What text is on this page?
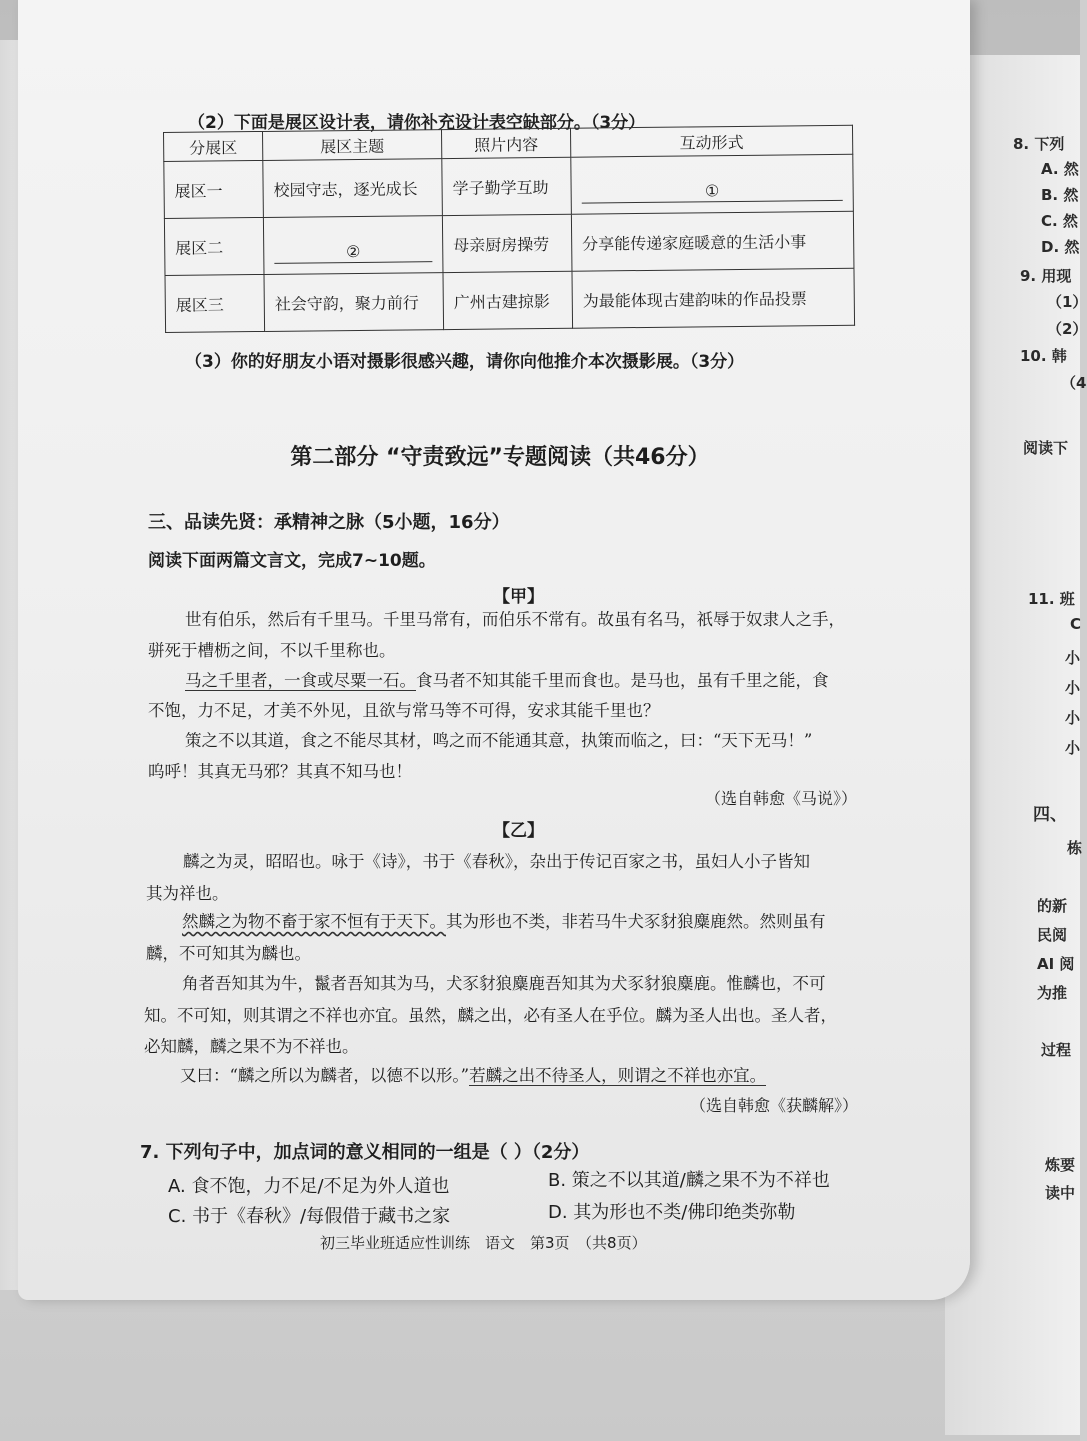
8. 下列
A. 然
B. 然
C. 然
D. 然
9. 用现
（1）
（2）
10. 韩
（4
阅读下
11. 班
C
小
小
小
小
四、
栋
的新
民阅
AI 阅
为推
过程
炼要
读中
（2）下面是展区设计表，请你补充设计表空缺部分。（3分）
分展区	展区主题	照片内容	互动形式
展区一	校园守志，逐光成长	学子勤学互助	①

展区二	②	母亲厨房操劳	分享能传递家庭暖意的生活小事
展区三	社会守韵，聚力前行	广州古建掠影	为最能体现古建韵味的作品投票
（3）你的好朋友小语对摄影很感兴趣，请你向他推介本次摄影展。（3分）
第二部分 “守责致远”专题阅读（共46分）
三、品读先贤：承精神之脉（5小题，16分）
阅读下面两篇文言文，完成7~10题。
【甲】
世有伯乐，然后有千里马。千里马常有，而伯乐不常有。故虽有名马，祇辱于奴隶人之手，
骈死于槽枥之间，不以千里称也。
马之千里者，一食或尽粟一石。食马者不知其能千里而食也。是马也，虽有千里之能，食
不饱，力不足，才美不外见，且欲与常马等不可得，安求其能千里也？
策之不以其道，食之不能尽其材，鸣之而不能通其意，执策而临之，曰：“天下无马！”
呜呼！其真无马邪？其真不知马也！
（选自韩愈《马说》）
【乙】
麟之为灵，昭昭也。咏于《诗》，书于《春秋》，杂出于传记百家之书，虽妇人小子皆知
其为祥也。
然麟之为物不畜于家不恒有于天下。其为形也不类，非若马牛犬豕豺狼麋鹿然。然则虽有
麟，不可知其为麟也。
角者吾知其为牛，鬣者吾知其为马，犬豕豺狼麋鹿吾知其为犬豕豺狼麋鹿。惟麟也，不可
知。不可知，则其谓之不祥也亦宜。虽然，麟之出，必有圣人在乎位。麟为圣人出也。圣人者，
必知麟，麟之果不为不祥也。
又曰：“麟之所以为麟者，以德不以形。”若麟之出不待圣人，则谓之不祥也亦宜。
（选自韩愈《获麟解》）
7. 下列句子中，加点词的意义相同的一组是（ ）（2分）
A. 食不饱，力不足/不足为外人道也	B. 策之不以其道/麟之果不为不祥也
C. 书于《春秋》/每假借于藏书之家	D. 其为形也不类/佛印绝类弥勒
初三毕业班适应性训练　语文　第3页　（共8页）
